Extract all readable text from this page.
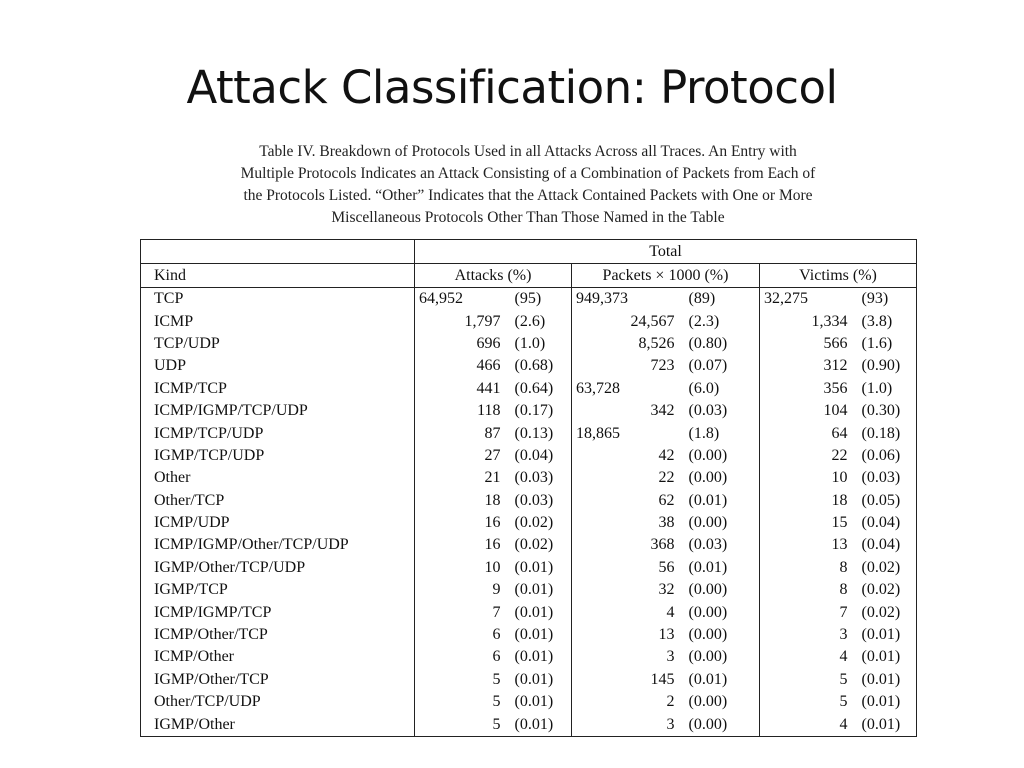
Attack Classification: Protocol
Table IV. Breakdown of Protocols Used in all Attacks Across all Traces. An Entry with
Multiple Protocols Indicates an Attack Consisting of a Combination of Packets from Each of
the Protocols Listed. “Other” Indicates that the Attack Contained Packets with One or More
Miscellaneous Protocols Other Than Those Named in the Table
	Total					
Kind	Attacks (%)		Packets × 1000 (%)		Victims (%)	
TCP	64,952	(95)	949,373	(89)	32,275	(93)
ICMP	1,797	(2.6)	24,567	(2.3)	1,334	(3.8)
TCP/UDP	696	(1.0)	8,526	(0.80)	566	(1.6)
UDP	466	(0.68)	723	(0.07)	312	(0.90)
ICMP/TCP	441	(0.64)	63,728	(6.0)	356	(1.0)
ICMP/IGMP/TCP/UDP	118	(0.17)	342	(0.03)	104	(0.30)
ICMP/TCP/UDP	87	(0.13)	18,865	(1.8)	64	(0.18)
IGMP/TCP/UDP	27	(0.04)	42	(0.00)	22	(0.06)
Other	21	(0.03)	22	(0.00)	10	(0.03)
Other/TCP	18	(0.03)	62	(0.01)	18	(0.05)
ICMP/UDP	16	(0.02)	38	(0.00)	15	(0.04)
ICMP/IGMP/Other/TCP/UDP	16	(0.02)	368	(0.03)	13	(0.04)
IGMP/Other/TCP/UDP	10	(0.01)	56	(0.01)	8	(0.02)
IGMP/TCP	9	(0.01)	32	(0.00)	8	(0.02)
ICMP/IGMP/TCP	7	(0.01)	4	(0.00)	7	(0.02)
ICMP/Other/TCP	6	(0.01)	13	(0.00)	3	(0.01)
ICMP/Other	6	(0.01)	3	(0.00)	4	(0.01)
IGMP/Other/TCP	5	(0.01)	145	(0.01)	5	(0.01)
Other/TCP/UDP	5	(0.01)	2	(0.00)	5	(0.01)
IGMP/Other	5	(0.01)	3	(0.00)	4	(0.01)
